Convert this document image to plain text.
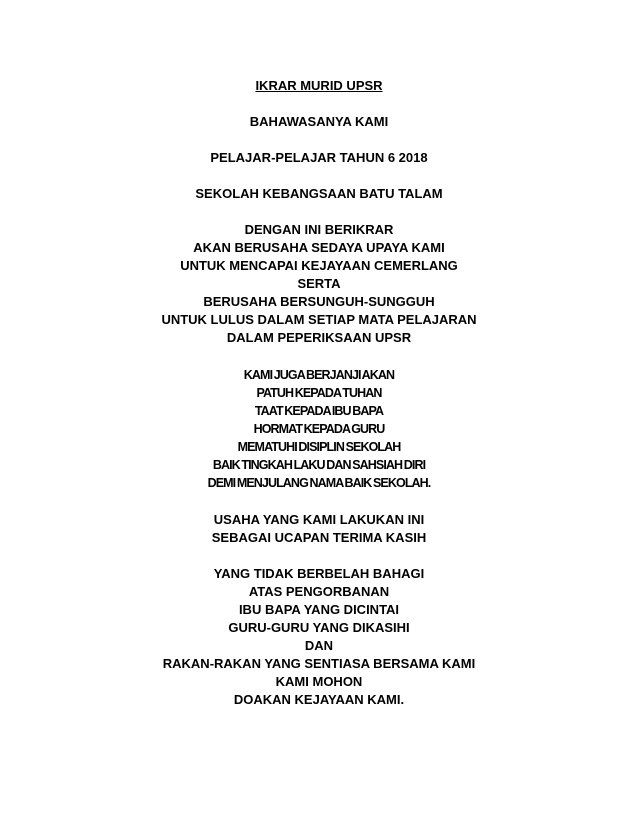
IKRAR MURID UPSR
BAHAWASANYA KAMI
PELAJAR-PELAJAR TAHUN 6 2018
SEKOLAH KEBANGSAAN BATU TALAM
DENGAN INI BERIKRAR
AKAN BERUSAHA SEDAYA UPAYA KAMI
UNTUK MENCAPAI KEJAYAAN CEMERLANG
SERTA
BERUSAHA BERSUNGUH-SUNGGUH
UNTUK LULUS DALAM SETIAP MATA PELAJARAN
DALAM PEPERIKSAAN UPSR
KAMI JUGA BERJANJI AKAN
PATUH KEPADA TUHAN
TAAT KEPADA IBU BAPA
HORMAT KEPADA GURU
MEMATUHI DISIPLIN SEKOLAH
BAIK TINGKAH LAKU DAN SAHSIAH DIRI
DEMI MENJULANG NAMA BAIK SEKOLAH.
USAHA YANG KAMI LAKUKAN INI
SEBAGAI UCAPAN TERIMA KASIH
YANG TIDAK BERBELAH BAHAGI
ATAS PENGORBANAN
IBU BAPA YANG DICINTAI
GURU-GURU YANG DIKASIHI
DAN
RAKAN-RAKAN YANG SENTIASA BERSAMA KAMI
KAMI MOHON
DOAKAN KEJAYAAN KAMI.
